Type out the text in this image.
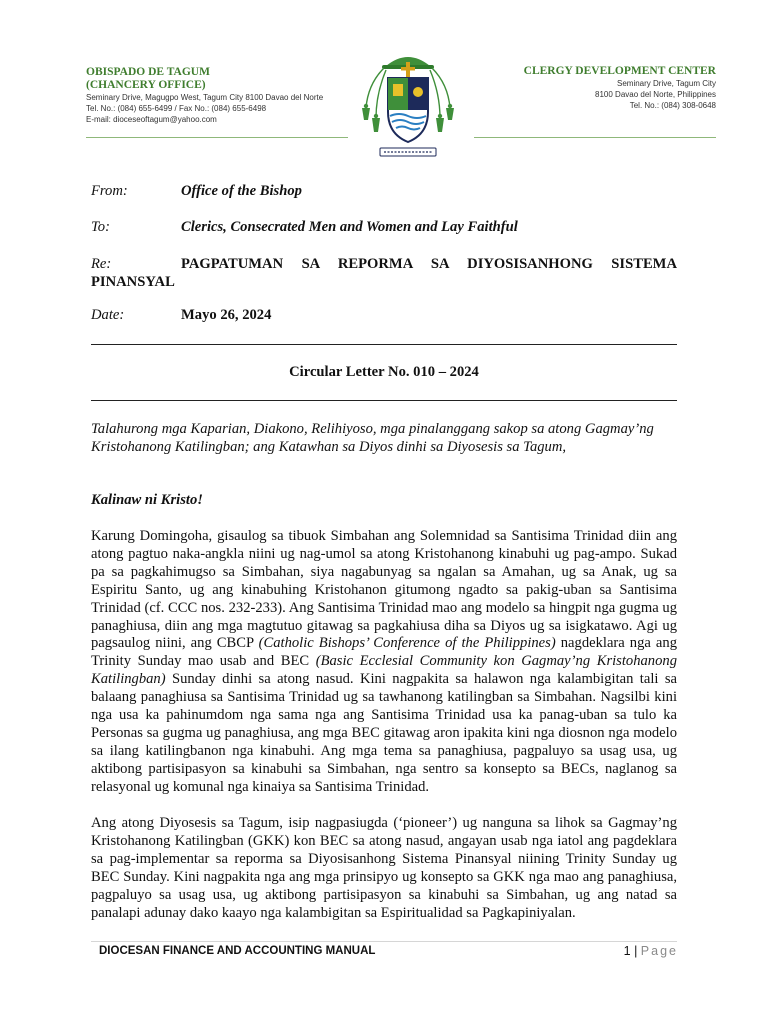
OBISPADO DE TAGUM
(CHANCERY OFFICE)
Seminary Drive, Magugpo West, Tagum City 8100 Davao del Norte
Tel. No.: (084) 655-6499 / Fax No.: (084) 655-6498
E-mail: dioceseoftagum@yahoo.com
CLERGY DEVELOPMENT CENTER
Seminary Drive, Tagum City
8100 Davao del Norte, Philippines
Tel. No.: (084) 308-0648
From:	Office of the Bishop
To:	Clerics, Consecrated Men and Women and Lay Faithful
Re:	PAGPATUMAN SA REPORMA SA DIYOSISANHONG SISTEMA PINANSYAL
Date:	Mayo 26, 2024
Circular Letter No. 010 – 2024
Talahurong mga Kaparian, Diakono, Relihiyoso, mga pinalanggang sakop sa atong Gagmay’ng Kristohanong Katilingban; ang Katawhan sa Diyos dinhi sa Diyosesis sa Tagum,
Kalinaw ni Kristo!
Karung Domingoha, gisaulog sa tibuok Simbahan ang Solemnidad sa Santisima Trinidad diin ang atong pagtuo naka-angkla niini ug nag-umol sa atong Kristohanong kinabuhi ug pag-ampo. Sukad pa sa pagkahimugso sa Simbahan, siya nagabunyag sa ngalan sa Amahan, ug sa Anak, ug sa Espiritu Santo, ug ang kinabuhing Kristohanon gitumong ngadto sa pakig-uban sa Santisima Trinidad (cf. CCC nos. 232-233). Ang Santisima Trinidad mao ang modelo sa hingpit nga gugma ug panaghiusa, diin ang mga magtutuo gitawag sa pagkahiusa diha sa Diyos ug sa isigkatawo. Agi ug pagsaulog niini, ang CBCP (Catholic Bishops’ Conference of the Philippines) nagdeklara nga ang Trinity Sunday mao usab and BEC (Basic Ecclesial Community kon Gagmay’ng Kristohanong Katilingban) Sunday dinhi sa atong nasud. Kini nagpakita sa halawon nga kalambigitan tali sa balaang panaghiusa sa Santisima Trinidad ug sa tawhanong katilingban sa Simbahan. Nagsilbi kini nga usa ka pahinumdom nga sama nga ang Santisima Trinidad usa ka panag-uban sa tulo ka Personas sa gugma ug panaghiusa, ang mga BEC gitawag aron ipakita kini nga diosnon nga modelo sa ilang katilingbanon nga kinabuhi. Ang mga tema sa panaghiusa, pagpaluyo sa usag usa, ug aktibong partisipasyon sa kinabuhi sa Simbahan, nga sentro sa konsepto sa BECs, naglanog sa relasyonal ug komunal nga kinaiya sa Santisima Trinidad.
Ang atong Diyosesis sa Tagum, isip nagpasiugda (‘pioneer’) ug nanguna sa lihok sa Gagmay’ng Kristohanong Katilingban (GKK) kon BEC sa atong nasud, angayan usab nga iatol ang pagdeklara sa pag-implementar sa reporma sa Diyosisanhong Sistema Pinansyal niining Trinity Sunday ug BEC Sunday. Kini nagpakita nga ang mga prinsipyo ug konsepto sa GKK nga mao ang panaghiusa, pagpaluyo sa usag usa, ug aktibong partisipasyon sa kinabuhi sa Simbahan, ug ang natad sa panalapi adunay dako kaayo nga kalambigitan sa Espiritualidad sa Pagkapiniyalan.
DIOCESAN FINANCE AND ACCOUNTING MANUAL	1 | Page
